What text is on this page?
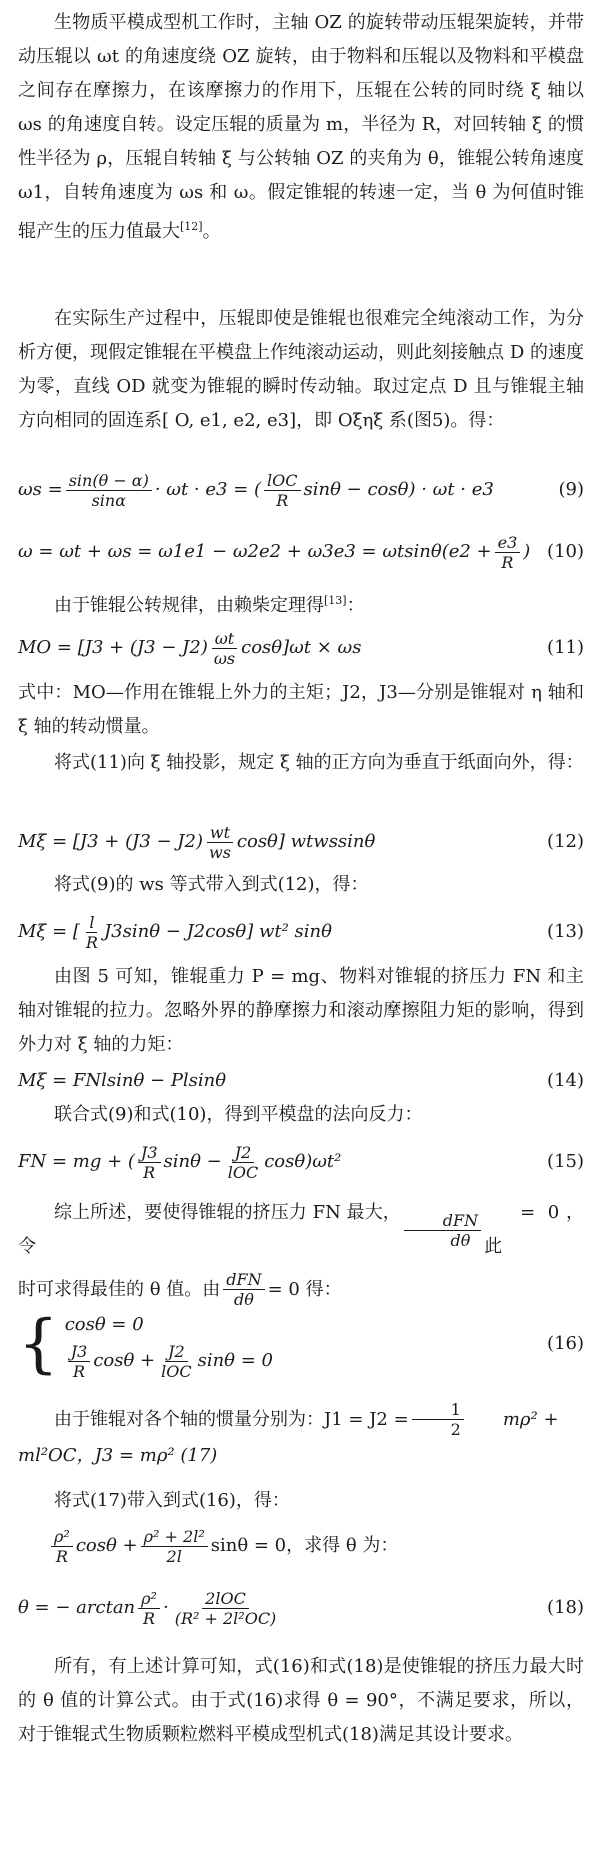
生物质平模成型机工作时，主轴 OZ 的旋转带动压辊架旋转，并带动压辊以 ωt 的角速度绕 OZ 旋转，由于物料和压辊以及物料和平模盘之间存在摩擦力，在该摩擦力的作用下，压辊在公转的同时绕 ξ 轴以 ωs 的角速度自转。设定压辊的质量为 m，半径为 R，对回转轴 ξ 的惯性半径为 ρ，压辊自转轴 ξ 与公转轴 OZ 的夹角为 θ，锥辊公转角速度 ω1，自转角速度为 ωs 和 ω。假定锥辊的转速一定，当 θ 为何值时锥辊产生的压力值最大[12]。

在实际生产过程中，压辊即使是锥辊也很难完全纯滚动工作，为分析方便，现假定锥辊在平模盘上作纯滚动运动，则此刻接触点 D 的速度为零，直线 OD 就变为锥辊的瞬时传动轴。取过定点 D 且与锥辊主轴方向相同的固连系[ O, e1, e2, e3]，即 Oξηξ 系(图5)。得：

$\omega s = \frac{\sin(\theta - \alpha)}{\sin\alpha} \cdot \omega t \cdot e3$ = ( $\frac{\text{lOC}}{R}$ sinθ − cosθ) · ωt · e3	(9)
$\omega = \omega t + \omega s = \omega 1e1 - \omega 2e2 + \omega 3e3 = \omega tsin\theta(e2 + \frac{e3}{R}$ ) (10)

由于锥辊公转规律，由赖柴定理得[13]：

MO = $[J3 + (J3 - J2) \frac{\omega t}{\omega s} \cos\theta]\omega t \times \omega s$	(11)

式中：MO—作用在锥辊上外力的主矩；J2，J3—分别是锥辊对 η 轴和 ξ 轴的转动惯量。

将式(11)向 ξ 轴投影，规定 ξ 轴的正方向为垂直于纸面向外，得：

$M\xi = [J3 + (J3 - J2) \frac{wt}{ws} \cos\theta]$ wtwssinθ	(12)

将式(9)的 ws 等式带入到式(12)，得：

Mξ = [ $\frac{l}{R} J3\sin\theta - J2\cos\theta$] wt² sinθ	(13)

由图 5 可知，锥辊重力 P = mg、物料对锥辊的挤压力 FN 和主轴对锥辊的拉力。忽略外界的静摩擦力和滚动摩擦阻力矩的影响，得到外力对 ξ 轴的力矩：

Mξ = FNlsinθ − Plsinθ	(14)

联合式(9)和式(10)，得到平模盘的法向反力：

FN = mg + ( $\frac{J3}{R}$ $\sin\theta - \frac{J2}{\text{lOC}} \cos\theta)\omega t^2$	(15)

综上所述，要使得锥辊的挤压力 FN 最大，令	$\frac{\text{dFN}}{d\theta}$	= 0，此

时可求得最佳的 θ 值。由 $\frac{\text{dFN}}{d\theta} = 0$ 得：

{ cosθ = 0
$\frac{J3}{R}$ $\cos\theta + \frac{J2}{\text{lOC}}$ sinθ = 0
(16)

由于锥辊对各个轴的惯量分别为：$J1 = J2 = \frac{1}{2}$	mρ² +

ml²OC，J3 = mρ² (17)

将式(17)带入到式(16)，得：

$\frac{\text{ρ²}}{R}$ $\cos\theta + \frac{\text{ρ² + 2l²}}{2l}$ sinθ = 0，求得 θ 为：
θ = − $\arctan \frac{\text{ρ²}}{R} \cdot \frac{\text{2lOC}}{\text{(R² + 2l²OC)}}$	(18)

所有，有上述计算可知，式(16)和式(18)是使锥辊的挤压力最大时的 θ 值的计算公式。由于式(16)求得 θ = 90°，不满足要求，所以，对于锥辊式生物质颗粒燃料平模成型机式(18)满足其设计要求。
